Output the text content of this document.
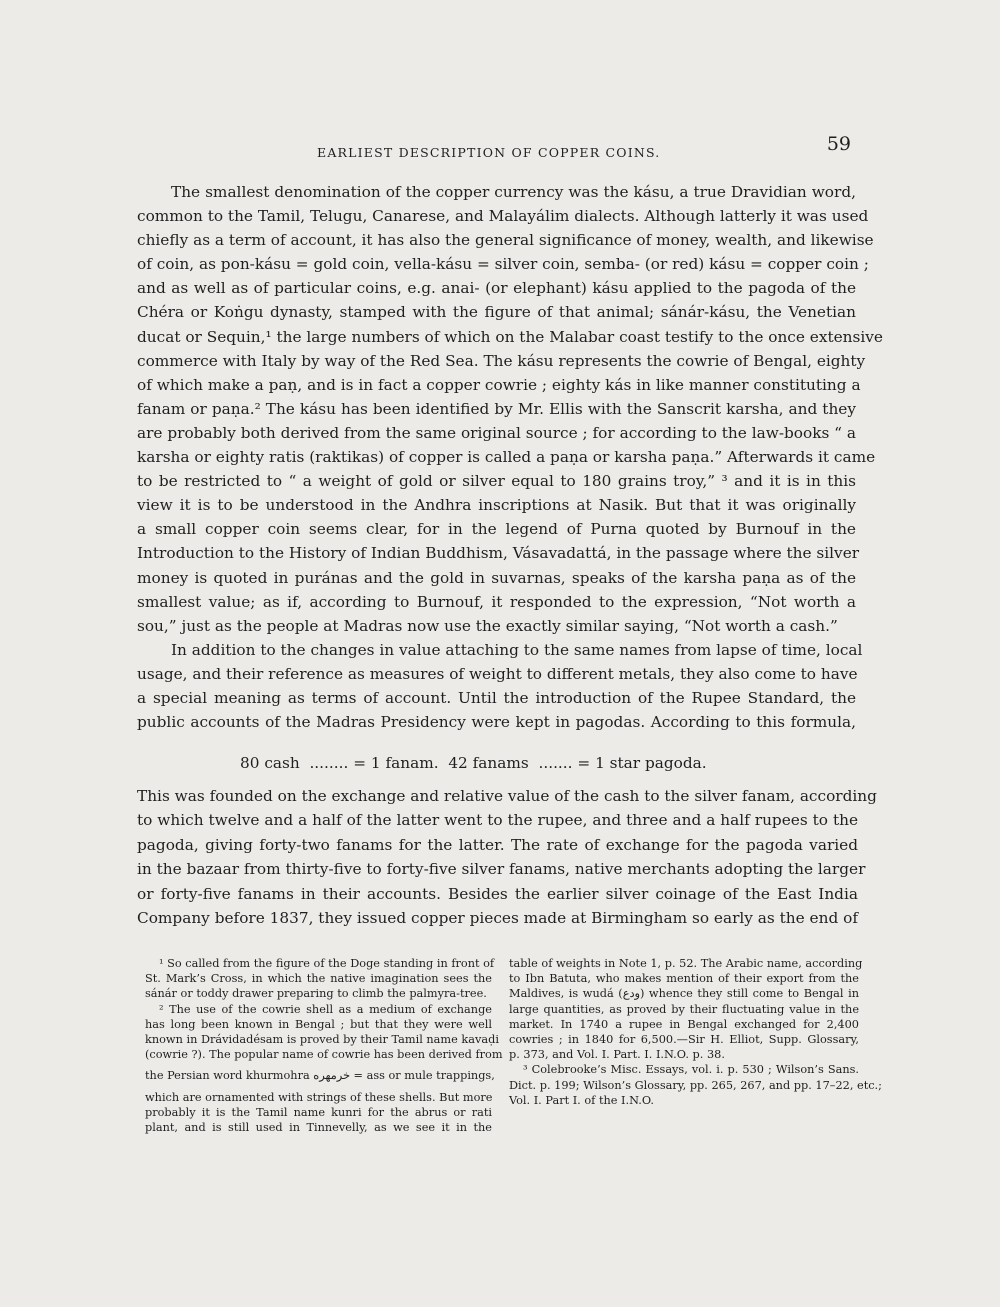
EARLIEST DESCRIPTION OF COPPER COINS.	59
The smallest denomination of the copper currency was the kásu, a true Dravidian word,
common to the Tamil, Telugu, Canarese, and Malayálim dialects. Although latterly it was used
chiefly as a term of account, it has also the general significance of money, wealth, and likewise
of coin, as pon-kásu = gold coin, vella-kásu = silver coin, semba- (or red) kásu = copper coin ;
and as well as of particular coins, e.g. anai- (or elephant) kásu applied to the pagoda of the
Chéra or Koṅgu dynasty, stamped with the figure of that animal; sánár-kásu, the Venetian
ducat or Sequin,¹ the large numbers of which on the Malabar coast testify to the once extensive
commerce with Italy by way of the Red Sea. The kásu represents the cowrie of Bengal, eighty
of which make a paṇ, and is in fact a copper cowrie ; eighty kás in like manner constituting a
fanam or paṇa.² The kásu has been identified by Mr. Ellis with the Sanscrit karsha, and they
are probably both derived from the same original source ; for according to the law-books “ a
karsha or eighty ratis (raktikas) of copper is called a paṇa or karsha paṇa.” Afterwards it came
to be restricted to “ a weight of gold or silver equal to 180 grains troy,” ³ and it is in this
view it is to be understood in the Andhra inscriptions at Nasik. But that it was originally
a small copper coin seems clear, for in the legend of Purna quoted by Burnouf in the
Introduction to the History of Indian Buddhism, Vásavadattá, in the passage where the silver
money is quoted in puránas and the gold in suvarnas, speaks of the karsha paṇa as of the
smallest value; as if, according to Burnouf, it responded to the expression, “Not worth a
sou,” just as the people at Madras now use the exactly similar saying, “Not worth a cash.”
In addition to the changes in value attaching to the same names from lapse of time, local
usage, and their reference as measures of weight to different metals, they also come to have
a special meaning as terms of account. Until the introduction of the Rupee Standard, the
public accounts of the Madras Presidency were kept in pagodas. According to this formula,
80 cash  ........ = 1 fanam.  42 fanams  ....... = 1 star pagoda.
This was founded on the exchange and relative value of the cash to the silver fanam, according
to which twelve and a half of the latter went to the rupee, and three and a half rupees to the
pagoda, giving forty-two fanams for the latter. The rate of exchange for the pagoda varied
in the bazaar from thirty-five to forty-five silver fanams, native merchants adopting the larger
or forty-five fanams in their accounts. Besides the earlier silver coinage of the East India
Company before 1837, they issued copper pieces made at Birmingham so early as the end of
¹ So called from the figure of the Doge standing in front of
St. Mark’s Cross, in which the native imagination sees the
sánár or toddy drawer preparing to climb the palmyra-tree.
² The use of the cowrie shell as a medium of exchange
has long been known in Bengal ; but that they were well
known in Drávidadésam is proved by their Tamil name kavaḍi
(cowrie ?). The popular name of cowrie has been derived from
the Persian word khurmohra خرمهره = ass or mule trappings,
which are ornamented with strings of these shells. But more
probably it is the Tamil name kunri for the abrus or rati
plant, and is still used in Tinnevelly, as we see it in the
table of weights in Note 1, p. 52. The Arabic name, according
to Ibn Batuta, who makes mention of their export from the
Maldives, is wudá (ودع) whence they still come to Bengal in
large quantities, as proved by their fluctuating value in the
market. In 1740 a rupee in Bengal exchanged for 2,400
cowries ; in 1840 for 6,500.—Sir H. Elliot, Supp. Glossary,
p. 373, and Vol. I. Part. I. I.N.O. p. 38.
³ Colebrooke’s Misc. Essays, vol. i. p. 530 ; Wilson’s Sans.
Dict. p. 199; Wilson’s Glossary, pp. 265, 267, and pp. 17–22, etc.;
Vol. I. Part I. of the I.N.O.
